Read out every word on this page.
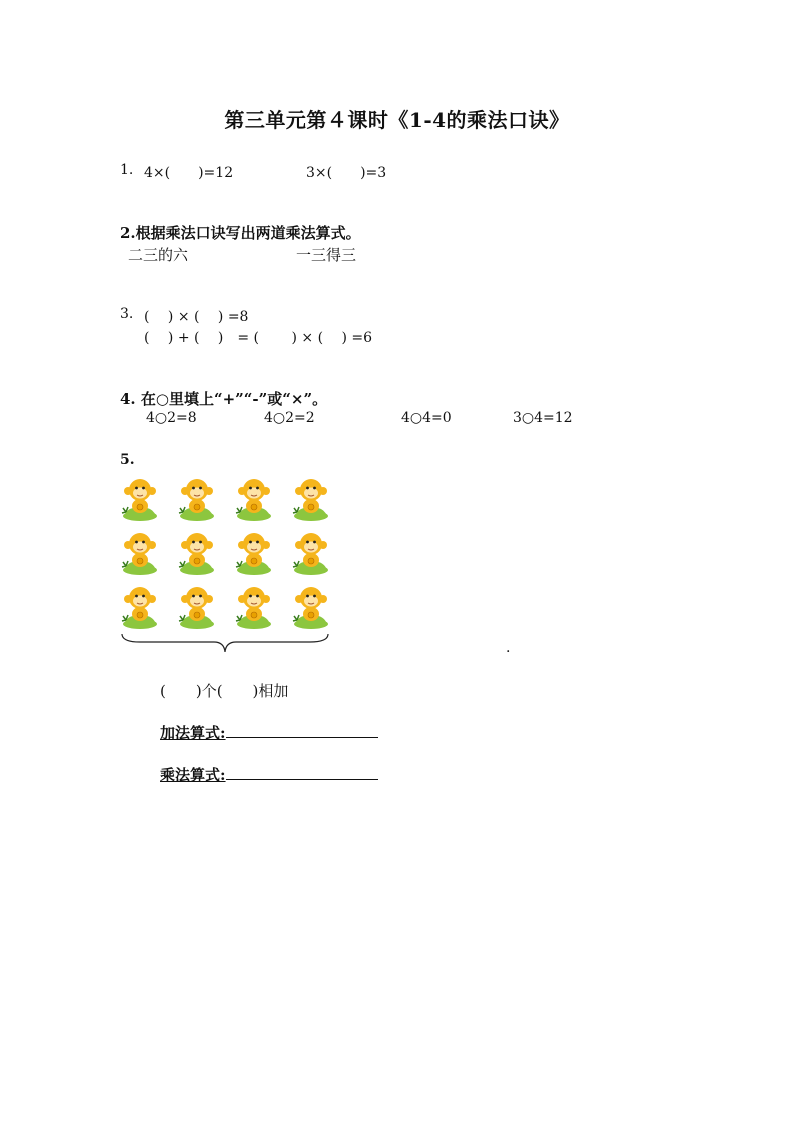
第三单元第４课时《1-4的乘法口诀》
1. 4×(　　)=12	3×(　　)=3
2.根据乘法口诀写出两道乘法算式。
二三的六	一三得三
3. (　 ) × (　 ) =8
(　 ) + (　 )　= (　　 ) × (　 ) =6
4. 在○里填上“+”“-”或“×”。
4○2=8	4○2=2	4○4=0	3○4=12
5.
.
(　　)个(　　)相加
加法算式:
乘法算式:
